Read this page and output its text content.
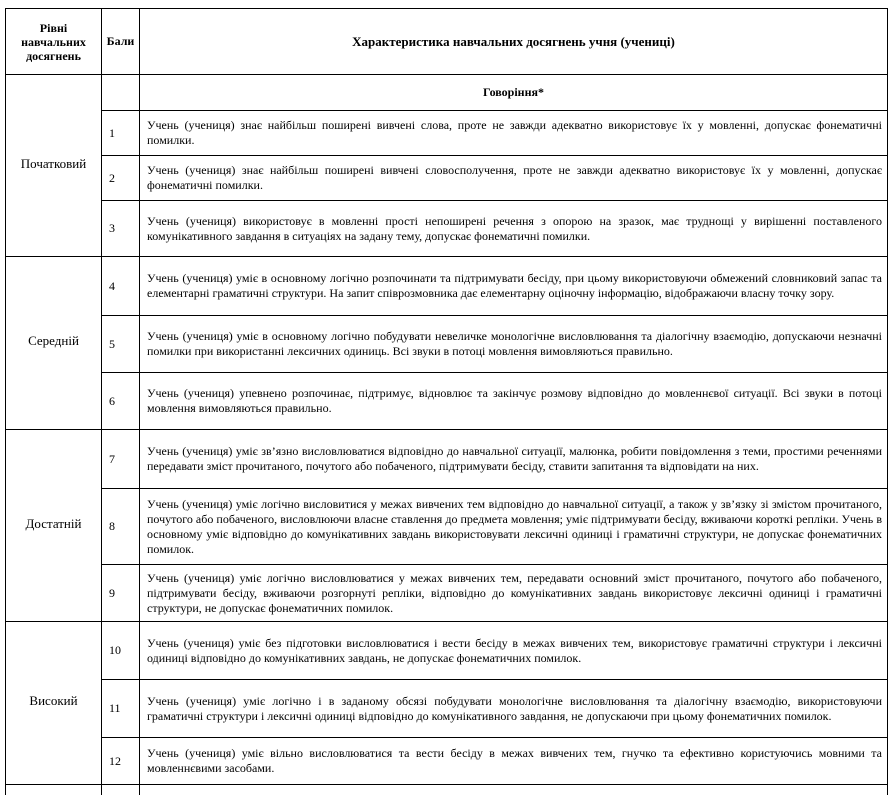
Рівні навчальних досягнень	Бали	Характеристика навчальних досягнень учня (учениці)
Початковий		Говоріння*
	1	Учень (учениця) знає найбільш поширені вивчені слова, проте не завжди адекватно використовує їх у мовленні, допускає фонематичні помилки.
	2	Учень (учениця) знає найбільш поширені вивчені словосполучення, проте не завжди адекватно використовує їх у мовленні, допускає фонематичні помилки.
	3	Учень (учениця) використовує в мовленні прості непоширені речення з опорою на зразок, має труднощі у вирішенні поставленого комунікативного завдання в ситуаціях на задану тему, допускає фонематичні помилки.
Середній	4	Учень (учениця) уміє в основному логічно розпочинати та підтримувати бесіду, при цьому використовуючи обмежений словниковий запас та елементарні граматичні структури. На запит співрозмовника дає елементарну оціночну інформацію, відображаючи власну точку зору.
	5	Учень (учениця) уміє в основному логічно побудувати невеличке монологічне висловлювання та діалогічну взаємодію, допускаючи незначні помилки при використанні лексичних одиниць. Всі звуки в потоці мовлення вимовляються правильно.
	6	Учень (учениця) упевнено розпочинає, підтримує, відновлює та закінчує розмову відповідно до мовленнєвої ситуації. Всі звуки в потоці мовлення вимовляються правильно.
Достатній	7	Учень (учениця) уміє зв’язно висловлюватися відповідно до навчальної ситуації, малюнка, робити повідомлення з теми, простими реченнями передавати зміст прочитаного, почутого або побаченого, підтримувати бесіду, ставити запитання та відповідати на них.
	8	Учень (учениця) уміє логічно висловитися у межах вивчених тем відповідно до навчальної ситуації, а також у зв’язку зі змістом прочитаного, почутого або побаченого, висловлюючи власне ставлення до предмета мовлення; уміє підтримувати бесіду, вживаючи короткі репліки. Учень в основному уміє відповідно до комунікативних завдань використовувати лексичні одиниці і граматичні структури, не допускає фонематичних помилок.
	9	Учень (учениця) уміє логічно висловлюватися у межах вивчених тем, передавати основний зміст прочитаного, почутого або побаченого, підтримувати бесіду, вживаючи розгорнуті репліки, відповідно до комунікативних завдань використовує лексичні одиниці і граматичні структури, не допускає фонематичних помилок.
Високий	10	Учень (учениця) уміє без підготовки висловлюватися і вести бесіду в межах вивчених тем, використовує граматичні структури і лексичні одиниці відповідно до комунікативних завдань, не допускає фонематичних помилок.
	11	Учень (учениця) уміє логічно і в заданому обсязі побудувати монологічне висловлювання та діалогічну взаємодію, використовуючи граматичні структури і лексичні одиниці відповідно до комунікативного завдання, не допускаючи при цьому фонематичних помилок.
	12	Учень (учениця) уміє вільно висловлюватися та вести бесіду в межах вивчених тем, гнучко та ефективно користуючись мовними та мовленнєвими засобами.
